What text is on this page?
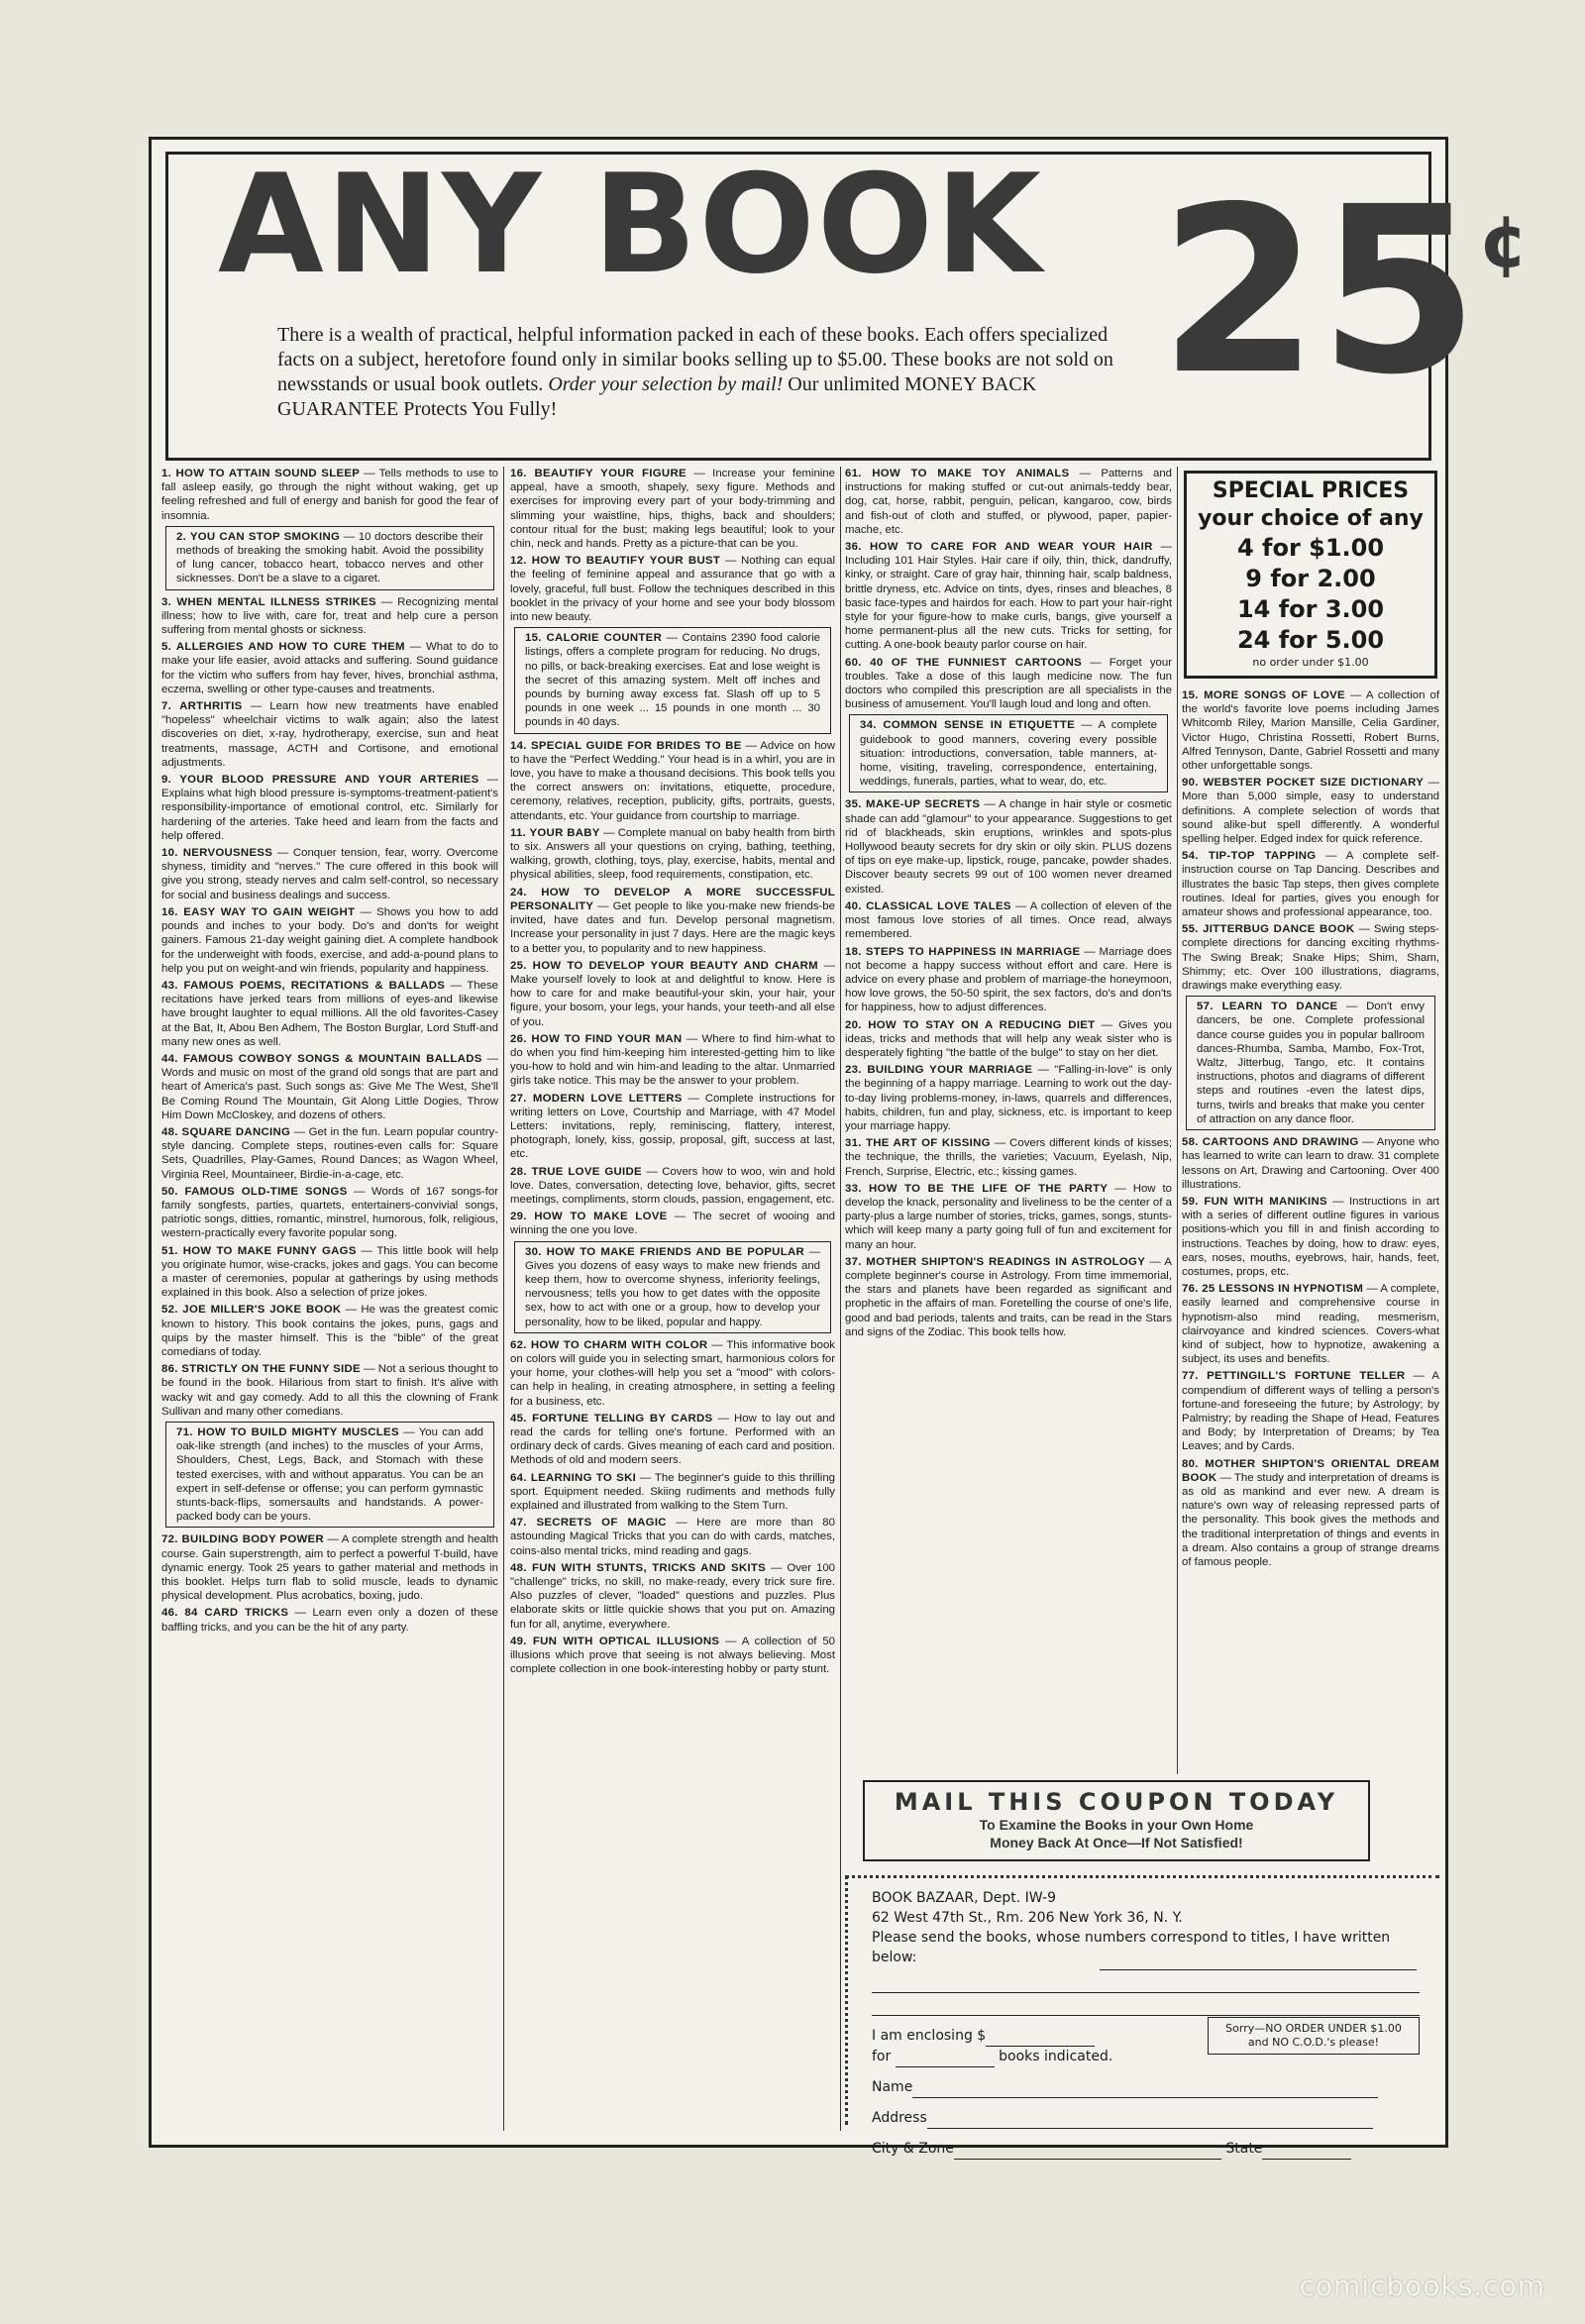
ANY BOOK 25¢
There is a wealth of practical, helpful information packed in each of these books. Each offers specialized facts on a subject, heretofore found only in similar books selling up to $5.00. These books are not sold on newsstands or usual book outlets. Order your selection by mail! Our unlimited MONEY BACK GUARANTEE Protects You Fully!
1. HOW TO ATTAIN SOUND SLEEP — Tells methods to use to fall asleep easily, go through the night without waking, get up feeling refreshed and full of energy and banish for good the fear of insomnia.
2. YOU CAN STOP SMOKING — 10 doctors describe their methods of breaking the smoking habit. Avoid the possibility of lung cancer, tobacco heart, tobacco nerves and other sicknesses. Don't be a slave to a cigaret.
3. WHEN MENTAL ILLNESS STRIKES — Recognizing mental illness; how to live with, care for, treat and help cure a person suffering from mental ghosts or sickness.
5. ALLERGIES AND HOW TO CURE THEM — What to do to make your life easier, avoid attacks and suffering. Sound guidance for the victim who suffers from hay fever, hives, bronchial asthma, eczema, swelling or other type-causes and treatments.
7. ARTHRITIS — Learn how new treatments have enabled "hopeless" wheelchair victims to walk again; also the latest discoveries on diet, x-ray, hydrotherapy, exercise, sun and heat treatments, massage, ACTH and Cortisone, and emotional adjustments.
9. YOUR BLOOD PRESSURE AND YOUR ARTERIES — Explains what high blood pressure is-symptoms-treatment-patient's responsibility-importance of emotional control, etc. Similarly for hardening of the arteries. Take heed and learn from the facts and help offered.
10. NERVOUSNESS — Conquer tension, fear, worry. Overcome shyness, timidity and "nerves." The cure offered in this book will give you strong, steady nerves and calm self-control, so necessary for social and business dealings and success.
16. EASY WAY TO GAIN WEIGHT — Shows you how to add pounds and inches to your body. Do's and don'ts for weight gainers. Famous 21-day weight gaining diet. A complete handbook for the underweight with foods, exercise, and add-a-pound plans to help you put on weight-and win friends, popularity and happiness.
43. FAMOUS POEMS, RECITATIONS & BALLADS — These recitations have jerked tears from millions of eyes-and likewise have brought laughter to equal millions. All the old favorites-Casey at the Bat, It, Abou Ben Adhem, The Boston Burglar, Lord Stuff-and many new ones as well.
44. FAMOUS COWBOY SONGS & MOUNTAIN BALLADS — Words and music on most of the grand old songs that are part and heart of America's past. Such songs as: Give Me The West, She'll Be Coming Round The Mountain, Git Along Little Dogies, Throw Him Down McCloskey, and dozens of others.
48. SQUARE DANCING — Get in the fun. Learn popular country-style dancing. Complete steps, routines-even calls for: Square Sets, Quadrilles, Play-Games, Round Dances; as Wagon Wheel, Virginia Reel, Mountaineer, Birdie-in-a-cage, etc.
50. FAMOUS OLD-TIME SONGS — Words of 167 songs-for family songfests, parties, quartets, entertainers-convivial songs, patriotic songs, ditties, romantic, minstrel, humorous, folk, religious, western-practically every favorite popular song.
51. HOW TO MAKE FUNNY GAGS — This little book will help you originate humor, wise-cracks, jokes and gags. You can become a master of ceremonies, popular at gatherings by using methods explained in this book. Also a selection of prize jokes.
52. JOE MILLER'S JOKE BOOK — He was the greatest comic known to history. This book contains the jokes, puns, gags and quips by the master himself. This is the "bible" of the great comedians of today.
86. STRICTLY ON THE FUNNY SIDE — Not a serious thought to be found in the book. Hilarious from start to finish. It's alive with wacky wit and gay comedy. Add to all this the clowning of Frank Sullivan and many other comedians.
71. HOW TO BUILD MIGHTY MUSCLES — You can add oak-like strength (and inches) to the muscles of your Arms, Shoulders, Chest, Legs, Back, and Stomach with these tested exercises, with and without apparatus. You can be an expert in self-defense or offense; you can perform gymnastic stunts-back-flips, somersaults and handstands. A power-packed body can be yours.
72. BUILDING BODY POWER — A complete strength and health course. Gain superstrength, aim to perfect a powerful T-build, have dynamic energy. Took 25 years to gather material and methods in this booklet. Helps turn flab to solid muscle, leads to dynamic physical development. Plus acrobatics, boxing, judo.
46. 84 CARD TRICKS — Learn even only a dozen of these baffling tricks, and you can be the hit of any party.
16. BEAUTIFY YOUR FIGURE — Increase your feminine appeal, have a smooth, shapely, sexy figure. Methods and exercises for improving every part of your body-trimming and slimming your waistline, hips, thighs, back and shoulders; contour ritual for the bust; making legs beautiful; look to your chin, neck and hands. Pretty as a picture-that can be you.
12. HOW TO BEAUTIFY YOUR BUST — Nothing can equal the feeling of feminine appeal and assurance that go with a lovely, graceful, full bust. Follow the techniques described in this booklet in the privacy of your home and see your body blossom into new beauty.
15. CALORIE COUNTER — Contains 2390 food calorie listings, offers a complete program for reducing. No drugs, no pills, or back-breaking exercises. Eat and lose weight is the secret of this amazing system. Melt off inches and pounds by burning away excess fat. Slash off up to 5 pounds in one week ... 15 pounds in one month ... 30 pounds in 40 days.
14. SPECIAL GUIDE FOR BRIDES TO BE — Advice on how to have the "Perfect Wedding." Your head is in a whirl, you are in love, you have to make a thousand decisions. This book tells you the correct answers on: invitations, etiquette, procedure, ceremony, relatives, reception, publicity, gifts, portraits, guests, attendants, etc. Your guidance from courtship to marriage.
11. YOUR BABY — Complete manual on baby health from birth to six. Answers all your questions on crying, bathing, teething, walking, growth, clothing, toys, play, exercise, habits, mental and physical abilities, sleep, food requirements, constipation, etc.
24. HOW TO DEVELOP A MORE SUCCESSFUL PERSONALITY — Get people to like you-make new friends-be invited, have dates and fun. Develop personal magnetism. Increase your personality in just 7 days. Here are the magic keys to a better you, to popularity and to new happiness.
25. HOW TO DEVELOP YOUR BEAUTY AND CHARM — Make yourself lovely to look at and delightful to know. Here is how to care for and make beautiful-your skin, your hair, your figure, your bosom, your legs, your hands, your teeth-and all else of you.
26. HOW TO FIND YOUR MAN — Where to find him-what to do when you find him-keeping him interested-getting him to like you-how to hold and win him-and leading to the altar. Unmarried girls take notice. This may be the answer to your problem.
27. MODERN LOVE LETTERS — Complete instructions for writing letters on Love, Courtship and Marriage, with 47 Model Letters: invitations, reply, reminiscing, flattery, interest, photograph, lonely, kiss, gossip, proposal, gift, success at last, etc.
28. TRUE LOVE GUIDE — Covers how to woo, win and hold love. Dates, conversation, detecting love, behavior, gifts, secret meetings, compliments, storm clouds, passion, engagement, etc.
29. HOW TO MAKE LOVE — The secret of wooing and winning the one you love.
30. HOW TO MAKE FRIENDS AND BE POPULAR — Gives you dozens of easy ways to make new friends and keep them, how to overcome shyness, inferiority feelings, nervousness; tells you how to get dates with the opposite sex, how to act with one or a group, how to develop your personality, how to be liked, popular and happy.
62. HOW TO CHARM WITH COLOR — This informative book on colors will guide you in selecting smart, harmonious colors for your home, your clothes-will help you set a "mood" with colors-can help in healing, in creating atmosphere, in setting a feeling for a business, etc.
45. FORTUNE TELLING BY CARDS — How to lay out and read the cards for telling one's fortune. Performed with an ordinary deck of cards. Gives meaning of each card and position. Methods of old and modern seers.
64. LEARNING TO SKI — The beginner's guide to this thrilling sport. Equipment needed. Skiing rudiments and methods fully explained and illustrated from walking to the Stem Turn.
47. SECRETS OF MAGIC — Here are more than 80 astounding Magical Tricks that you can do with cards, matches, coins-also mental tricks, mind reading and gags.
48. FUN WITH STUNTS, TRICKS AND SKITS — Over 100 "challenge" tricks, no skill, no make-ready, every trick sure fire. Also puzzles of clever, "loaded" questions and puzzles. Plus elaborate skits or little quickie shows that you put on. Amazing fun for all, anytime, everywhere.
49. FUN WITH OPTICAL ILLUSIONS — A collection of 50 illusions which prove that seeing is not always believing. Most complete collection in one book-interesting hobby or party stunt.
61. HOW TO MAKE TOY ANIMALS — Patterns and instructions for making stuffed or cut-out animals-teddy bear, dog, cat, horse, rabbit, penguin, pelican, kangaroo, cow, birds and fish-out of cloth and stuffed, or plywood, paper, papier-mache, etc.
36. HOW TO CARE FOR AND WEAR YOUR HAIR — Including 101 Hair Styles. Hair care if oily, thin, thick, dandruffy, kinky, or straight. Care of gray hair, thinning hair, scalp baldness, brittle dryness, etc. Advice on tints, dyes, rinses and bleaches, 8 basic face-types and hairdos for each. How to part your hair-right style for your figure-how to make curls, bangs, give yourself a home permanent-plus all the new cuts. Tricks for setting, for cutting. A one-book beauty parlor course on hair.
60. 40 OF THE FUNNIEST CARTOONS — Forget your troubles. Take a dose of this laugh medicine now. The fun doctors who compiled this prescription are all specialists in the business of amusement. You'll laugh loud and long and often.
34. COMMON SENSE IN ETIQUETTE — A complete guidebook to good manners, covering every possible situation: introductions, conversation, table manners, at-home, visiting, traveling, correspondence, entertaining, weddings, funerals, parties, what to wear, do, etc.
35. MAKE-UP SECRETS — A change in hair style or cosmetic shade can add "glamour" to your appearance. Suggestions to get rid of blackheads, skin eruptions, wrinkles and spots-plus Hollywood beauty secrets for dry skin or oily skin. PLUS dozens of tips on eye make-up, lipstick, rouge, pancake, powder shades. Discover beauty secrets 99 out of 100 women never dreamed existed.
40. CLASSICAL LOVE TALES — A collection of eleven of the most famous love stories of all times. Once read, always remembered.
18. STEPS TO HAPPINESS IN MARRIAGE — Marriage does not become a happy success without effort and care. Here is advice on every phase and problem of marriage-the honeymoon, how love grows, the 50-50 spirit, the sex factors, do's and don'ts for happiness, how to adjust differences.
20. HOW TO STAY ON A REDUCING DIET — Gives you ideas, tricks and methods that will help any weak sister who is desperately fighting "the battle of the bulge" to stay on her diet.
23. BUILDING YOUR MARRIAGE — "Falling-in-love" is only the beginning of a happy marriage. Learning to work out the day-to-day living problems-money, in-laws, quarrels and differences, habits, children, fun and play, sickness, etc. is important to keep your marriage happy.
31. THE ART OF KISSING — Covers different kinds of kisses; the technique, the thrills, the varieties; Vacuum, Eyelash, Nip, French, Surprise, Electric, etc.; kissing games.
33. HOW TO BE THE LIFE OF THE PARTY — How to develop the knack, personality and liveliness to be the center of a party-plus a large number of stories, tricks, games, songs, stunts-which will keep many a party going full of fun and excitement for many an hour.
37. MOTHER SHIPTON'S READINGS IN ASTROLOGY — A complete beginner's course in Astrology. From time immemorial, the stars and planets have been regarded as significant and prophetic in the affairs of man. Foretelling the course of one's life, good and bad periods, talents and traits, can be read in the Stars and signs of the Zodiac. This book tells how.
SPECIAL PRICES
your choice of any
4 for $1.00
9 for 2.00
14 for 3.00
24 for 5.00
no order under $1.00
15. MORE SONGS OF LOVE — A collection of the world's favorite love poems including James Whitcomb Riley, Marion Mansille, Celia Gardiner, Victor Hugo, Christina Rossetti, Robert Burns, Alfred Tennyson, Dante, Gabriel Rossetti and many other unforgettable songs.
90. WEBSTER POCKET SIZE DICTIONARY — More than 5,000 simple, easy to understand definitions. A complete selection of words that sound alike-but spell differently. A wonderful spelling helper. Edged index for quick reference.
54. TIP-TOP TAPPING — A complete self-instruction course on Tap Dancing. Describes and illustrates the basic Tap steps, then gives complete routines. Ideal for parties, gives you enough for amateur shows and professional appearance, too.
55. JITTERBUG DANCE BOOK — Swing steps-complete directions for dancing exciting rhythms-The Swing Break; Snake Hips; Shim, Sham, Shimmy; etc. Over 100 illustrations, diagrams, drawings make everything easy.
57. LEARN TO DANCE — Don't envy dancers, be one. Complete professional dance course guides you in popular ballroom dances-Rhumba, Samba, Mambo, Fox-Trot, Waltz, Jitterbug, Tango, etc. It contains instructions, photos and diagrams of different steps and routines -even the latest dips, turns, twirls and breaks that make you center of attraction on any dance floor.
58. CARTOONS AND DRAWING — Anyone who has learned to write can learn to draw. 31 complete lessons on Art, Drawing and Cartooning. Over 400 illustrations.
59. FUN WITH MANIKINS — Instructions in art with a series of different outline figures in various positions-which you fill in and finish according to instructions. Teaches by doing, how to draw: eyes, ears, noses, mouths, eyebrows, hair, hands, feet, costumes, props, etc.
76. 25 LESSONS IN HYPNOTISM — A complete, easily learned and comprehensive course in hypnotism-also mind reading, mesmerism, clairvoyance and kindred sciences. Covers-what kind of subject, how to hypnotize, awakening a subject, its uses and benefits.
77. PETTINGILL'S FORTUNE TELLER — A compendium of different ways of telling a person's fortune-and foreseeing the future; by Astrology; by Palmistry; by reading the Shape of Head, Features and Body; by Interpretation of Dreams; by Tea Leaves; and by Cards.
80. MOTHER SHIPTON'S ORIENTAL DREAM BOOK — The study and interpretation of dreams is as old as mankind and ever new. A dream is nature's own way of releasing repressed parts of the personality. This book gives the methods and the traditional interpretation of things and events in a dream. Also contains a group of strange dreams of famous people.
MAIL THIS COUPON TODAY
To Examine the Books in your Own Home
Money Back At Once—If Not Satisfied!
BOOK BAZAAR, Dept. IW-9
62 West 47th St., Rm. 206 New York 36, N. Y.
Please send the books, whose numbers correspond to titles, I have written below:
I am enclosing $
for	books indicated.
Sorry—NO ORDER UNDER $1.00 and NO C.O.D.'s please!
Name
Address
City & Zone	State
comicbooks.com
